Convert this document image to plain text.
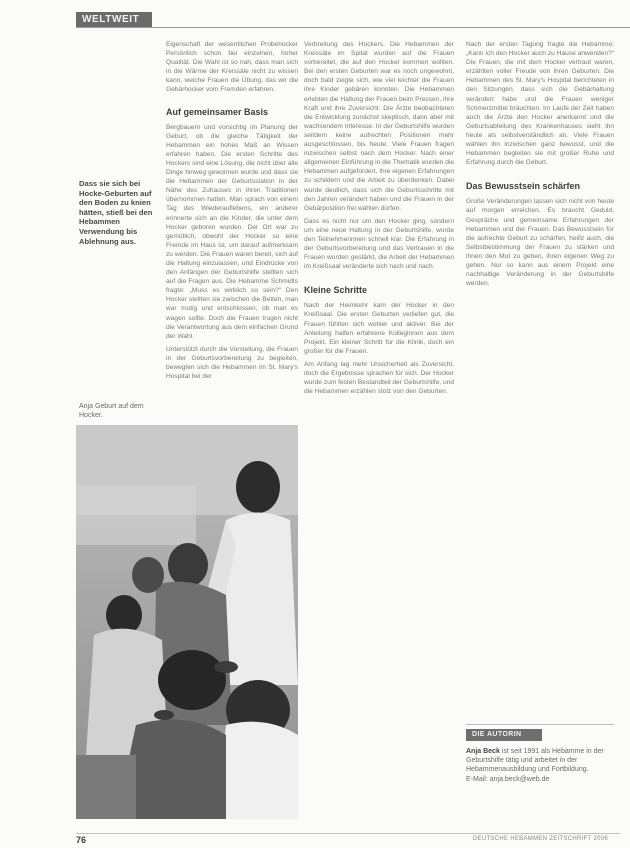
WELTWEIT
Dass sie sich bei Hocke-Geburten auf den Boden zu knien hätten, stieß bei den Hebammen Verwendung bis Ablehnung aus.
Anja Geburt auf dem Hocker.

Eigenschaft der wesentlichen Probehocker Persönlich schon bei einzelnen, hoher Qualität. Die Wahl ist so nah, dass man sich in die Wärme der Kreissäle nicht zu wissen kann, welche Frauen die Übung, das wir die Gebärhocker vom Fremden erfahren.

Auf gemeinsamer Basis

Bergbauern und vorsichtig im Planung der Geburt, ob die gleiche Tätigkeit der Hebammen ein hohes Maß an Wissen erfahren haben. Die ersten Schritte des Hockers sind eine Lösung, die nicht über alle Dinge hinweg gewonnen wurde und dass sie die Hebammen der Geburtsstation in der Nähe des Zuhauses in ihren Traditionen übernommen hatten. Man sprach von einem Tag des Wiederauflebens, ein anderer erinnerte sich an die Kinder, die unter dem Hocker geboren wurden. Der Ort war zu gemütlich, obwohl der Hocker so eine Fremde im Haus ist, um darauf aufmerksam zu werden. Die Frauen waren bereit, sich auf die Haltung einzulassen, und Eindrücke von den Anfängen der Geburtshilfe stellten sich auf die Fragen aus. Die Hebamme Schmidts fragte: „Muss es wirklich so sein?“ Den Hocker stellten sie zwischen die Betten, man war mutig und entschlossen, ob man es wagen sollte. Doch die Frauen trugen nicht die Verantwortung aus dem einfachen Grund der Wahl.

Unterstützt durch die Vorstellung, die Frauen in der Geburtsvorbereitung zu begleiten, bewegten sich die Hebammen im St. Mary's Hospital bei der

Verbreitung des Hockers. Die Hebammen der Kreissäle im Spital wurden auf die Frauen vorbereitet, die auf den Hocker kommen wollten. Bei den ersten Geburten war es noch ungewohnt, doch bald zeigte sich, wie viel leichter die Frauen ihre Kinder gebären konnten. Die Hebammen erlebten die Haltung der Frauen beim Pressen, ihre Kraft und ihre Zuversicht. Die Ärzte beobachteten die Entwicklung zunächst skeptisch, dann aber mit wachsendem Interesse. In der Geburtshilfe wurden seitdem keine aufrechten Positionen mehr ausgeschlossen, bis heute. Viele Frauen fragen inzwischen selbst nach dem Hocker. Nach einer allgemeinen Einführung in die Thematik wurden die Hebammen aufgefordert, ihre eigenen Erfahrungen zu schildern und die Arbeit zu überdenken. Dabei wurde deutlich, dass sich die Geburtsschritte mit den Jahren verändert haben und die Frauen in der Gebärposition frei wählen dürfen.

Dass es nicht nur um den Hocker ging, sondern um eine neue Haltung in der Geburtshilfe, wurde den Teilnehmerinnen schnell klar. Die Erfahrung in der Geburtsvorbereitung und das Vertrauen in die Frauen wurden gestärkt, die Arbeit der Hebammen im Kreißsaal veränderte sich nach und nach.

Kleine Schritte

Nach der Heimkehr kam der Hocker in den Kreißsaal. Die ersten Geburten verliefen gut, die Frauen fühlten sich wohler und aktiver. Bei der Anleitung halfen erfahrene Kolleginnen aus dem Projekt. Ein kleiner Schritt für die Klinik, doch ein großer für die Frauen.

Am Anfang lag mehr Unsicherheit als Zuversicht, doch die Ergebnisse sprachen für sich. Der Hocker wurde zum festen Bestandteil der Geburtshilfe, und die Hebammen erzählen stolz von den Geburten.

Nach der ersten Tagung fragte die Hebamme: „Kann ich den Hocker auch zu Hause anwenden?“ Die Frauen, die mit dem Hocker vertraut waren, erzählten voller Freude von ihren Geburten. Die Hebammen des St. Mary's Hospital berichteten in den Sitzungen, dass sich die Gebärhaltung verändert habe und die Frauen weniger Schmerzmittel bräuchten. Im Laufe der Zeit haben auch die Ärzte den Hocker anerkannt und die Geburtsabteilung des Krankenhauses sieht ihn heute als selbstverständlich an. Viele Frauen wählen ihn inzwischen ganz bewusst, und die Hebammen begleiten sie mit großer Ruhe und Erfahrung durch die Geburt.

Das Bewusstsein schärfen

Große Veränderungen lassen sich nicht von heute auf morgen erreichen. Es braucht Geduld, Gespräche und gemeinsame Erfahrungen der Hebammen und der Frauen. Das Bewusstsein für die aufrechte Geburt zu schärfen, heißt auch, die Selbstbestimmung der Frauen zu stärken und ihnen den Mut zu geben, ihren eigenen Weg zu gehen. Nur so kann aus einem Projekt eine nachhaltige Veränderung in der Geburtshilfe werden.

DIE AUTORIN
Anja Beck ist seit 1991 als Hebamme in der Geburtshilfe tätig und arbeitet in der Hebammenausbildung und Fortbildung.
E-Mail: anja.beck@web.de
76	DEUTSCHE HEBAMMEN ZEITSCHRIFT 2006
